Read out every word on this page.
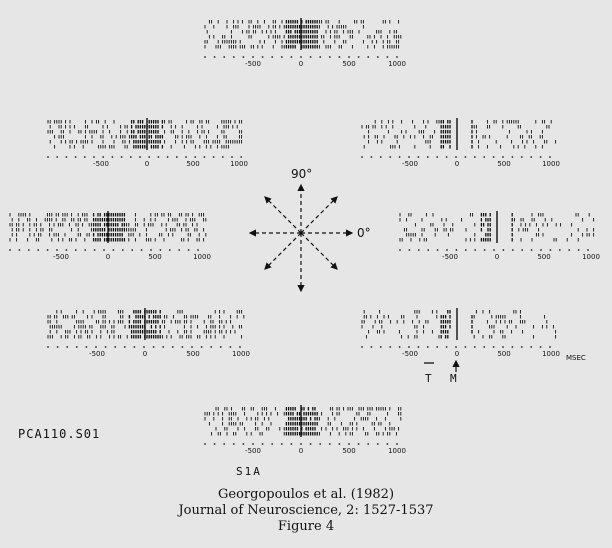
-500	0	500	1000
-500	0	500	1000	-500	0	500	1000
-500	0	500	1000	-500	0	500	1000
-500	0	500	1000	-500	0	500	1000
-500	0	500	1000
90°
0°
T M
MSEC
PCA110.S01
S1A
Georgopoulos et al. (1982)
Journal of Neuroscience, 2: 1527-1537
Figure 4
